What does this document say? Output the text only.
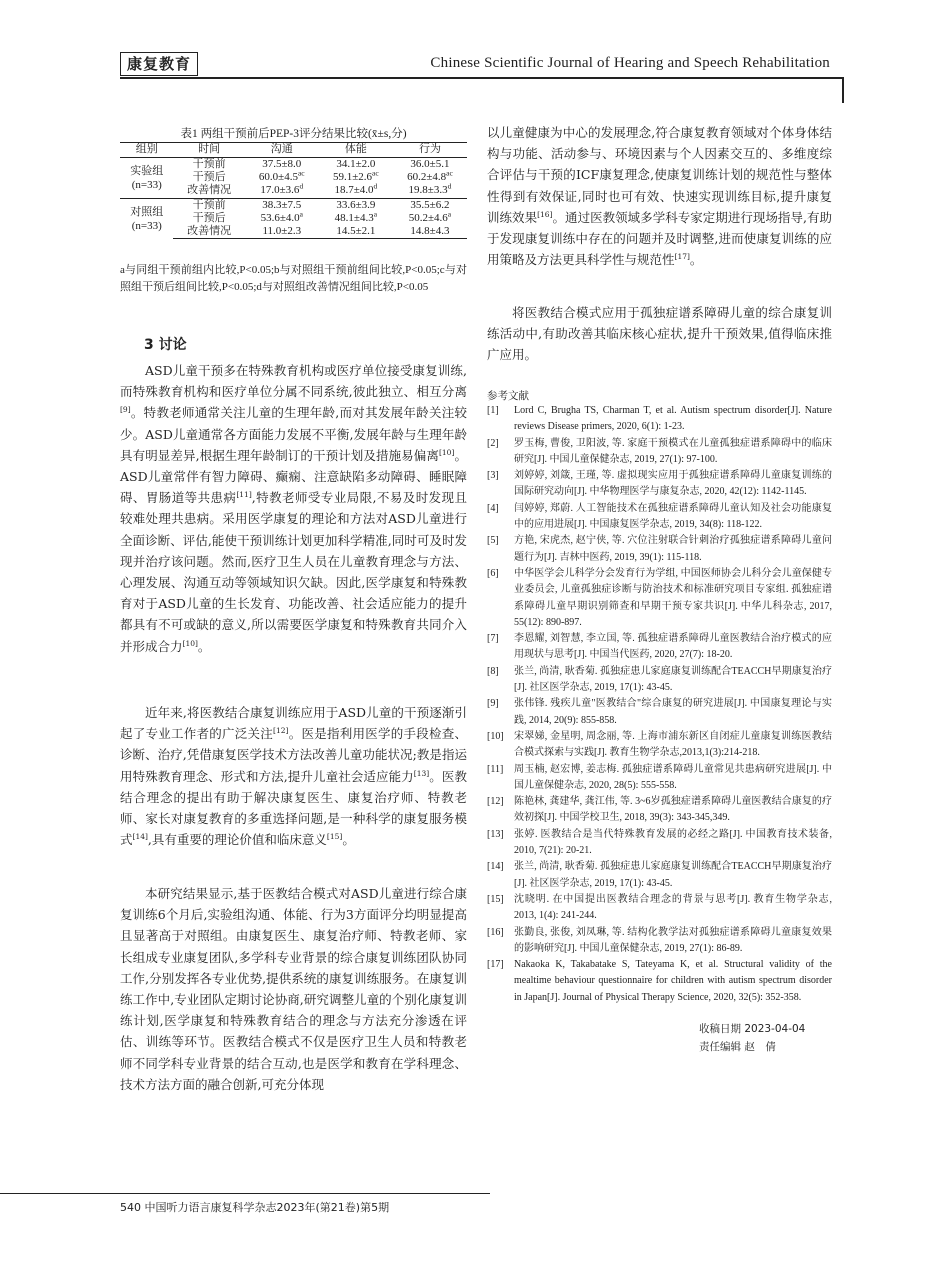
康复教育	Chinese Scientific Journal of Hearing and Speech Rehabilitation
表1 两组干预前后PEP-3评分结果比较(x̄±s,分)
组别	时间	沟通	体能	行为

实验组
(n=33)	干预前	37.5±8.0	34.1±2.0	36.0±5.1
	干预后	60.0±4.5$^{ac}$	59.1±2.6$^{ac}$	60.2±4.8$^{ac}$
	改善情况	17.0±3.6$^d$	18.7±4.0$^d$	19.8±3.3$^d$

对照组
(n=33)	干预前	38.3±7.5	33.6±3.9	35.5±6.2
	干预后	53.6±4.0$^a$	48.1±4.3$^a$	50.2±4.6$^a$
	改善情况	11.0±2.3	14.5±2.1	14.8±4.3
a与同组干预前组内比较,P<0.05;b与对照组干预前组间比较,P<0.05;c与对照组干预后组间比较,P<0.05;d与对照组改善情况组间比较,P<0.05
3 讨论

ASD儿童干预多在特殊教育机构或医疗单位接受康复训练,而特殊教育机构和医疗单位分属不同系统,彼此独立、相互分离[9]。特教老师通常关注儿童的生理年龄,而对其发展年龄关注较少。ASD儿童通常各方面能力发展不平衡,发展年龄与生理年龄具有明显差异,根据生理年龄制订的干预计划及措施易偏离[10]。ASD儿童常伴有智力障碍、癫痫、注意缺陷多动障碍、睡眠障碍、胃肠道等共患病[11],特教老师受专业局限,不易及时发现且较难处理共患病。采用医学康复的理论和方法对ASD儿童进行全面诊断、评估,能使干预训练计划更加科学精准,同时可及时发现并治疗该问题。然而,医疗卫生人员在儿童教育理念与方法、心理发展、沟通互动等领域知识欠缺。因此,医学康复和特殊教育对于ASD儿童的生长发育、功能改善、社会适应能力的提升都具有不可或缺的意义,所以需要医学康复和特殊教育共同介入并形成合力[10]。

近年来,将医教结合康复训练应用于ASD儿童的干预逐渐引起了专业工作者的广泛关注[12]。医是指利用医学的手段检查、诊断、治疗,凭借康复医学技术方法改善儿童功能状况;教是指运用特殊教育理念、形式和方法,提升儿童社会适应能力[13]。医教结合理念的提出有助于解决康复医生、康复治疗师、特教老师、家长对康复教育的多重选择问题,是一种科学的康复服务模式[14],具有重要的理论价值和临床意义[15]。

本研究结果显示,基于医教结合模式对ASD儿童进行综合康复训练6个月后,实验组沟通、体能、行为3方面评分均明显提高且显著高于对照组。由康复医生、康复治疗师、特教老师、家长组成专业康复团队,多学科专业背景的综合康复训练团队协同工作,分别发挥各专业优势,提供系统的康复训练服务。在康复训练工作中,专业团队定期讨论协商,研究调整儿童的个别化康复训练计划,医学康复和特殊教育结合的理念与方法充分渗透在评估、训练等环节。医教结合模式不仅是医疗卫生人员和特教老师不同学科专业背景的结合互动,也是医学和教育在学科理念、技术方法方面的融合创新,可充分体现

以儿童健康为中心的发展理念,符合康复教育领域对个体身体结构与功能、活动参与、环境因素与个人因素交互的、多维度综合评估与干预的ICF康复理念,使康复训练计划的规范性与整体性得到有效保证,同时也可有效、快速实现训练目标,提升康复训练效果[16]。通过医教领域多学科专家定期进行现场指导,有助于发现康复训练中存在的问题并及时调整,进而使康复训练的应用策略及方法更具科学性与规范性[17]。

将医教结合模式应用于孤独症谱系障碍儿童的综合康复训练活动中,有助改善其临床核心症状,提升干预效果,值得临床推广应用。

参考文献
[1] Lord C, Brugha TS, Charman T, et al. Autism spectrum disorder[J]. Nature reviews Disease primers, 2020, 6(1): 1-23.
[2] 罗玉梅, 曹俊, 卫阳波, 等. 家庭干预模式在儿童孤独症谱系障碍中的临床研究[J]. 中国儿童保健杂志, 2019, 27(1): 97-100.
[3] 刘婷婷, 刘箴, 王瑾, 等. 虚拟现实应用于孤独症谱系障碍儿童康复训练的国际研究动向[J]. 中华物理医学与康复杂志, 2020, 42(12): 1142-1145.
[4] 闫婷婷, 郑蔚. 人工智能技术在孤独症谱系障碍儿童认知及社会功能康复中的应用进展[J]. 中国康复医学杂志, 2019, 34(8): 118-122.
[5] 方艳, 宋虎杰, 赵宁侠, 等. 穴位注射联合针刺治疗孤独症谱系障碍儿童问题行为[J]. 吉林中医药, 2019, 39(1): 115-118.
[6] 中华医学会儿科学分会发育行为学组, 中国医师协会儿科分会儿童保健专业委员会, 儿童孤独症诊断与防治技术和标准研究项目专家组. 孤独症谱系障碍儿童早期识别筛查和早期干预专家共识[J]. 中华儿科杂志, 2017, 55(12): 890-897.
[7] 李恩耀, 刘智慧, 李立国, 等. 孤独症谱系障碍儿童医教结合治疗模式的应用现状与思考[J]. 中国当代医药, 2020, 27(7): 18-20.
[8] 张兰, 尚清, 耿香菊. 孤独症患儿家庭康复训练配合TEACCH早期康复治疗[J]. 社区医学杂志, 2019, 17(1): 43-45.
[9] 张伟锋. 残疾儿童"医教结合"综合康复的研究进展[J]. 中国康复理论与实践, 2014, 20(9): 855-858.
[10] 宋翠娣, 金星明, 周念丽, 等. 上海市浦东新区自闭症儿童康复训练医教结合模式探索与实践[J]. 教育生物学杂志,2013,1(3):214-218.
[11] 周玉楠, 赵宏博, 姜志梅. 孤独症谱系障碍儿童常见共患病研究进展[J]. 中国儿童保健杂志, 2020, 28(5): 555-558.
[12] 陈艳林, 龚建华, 龚江伟, 等. 3~6岁孤独症谱系障碍儿童医教结合康复的疗效初探[J]. 中国学校卫生, 2018, 39(3): 343-345,349.
[13] 张婷. 医教结合是当代特殊教育发展的必经之路[J]. 中国教育技术装备, 2010, 7(21): 20-21.
[14] 张兰, 尚清, 耿香菊. 孤独症患儿家庭康复训练配合TEACCH早期康复治疗[J]. 社区医学杂志, 2019, 17(1): 43-45.
[15] 沈晓明. 在中国提出医教结合理念的背景与思考[J]. 教育生物学杂志, 2013, 1(4): 241-244.
[16] 张勤良, 张俊, 刘凤琳, 等. 结构化教学法对孤独症谱系障碍儿童康复效果的影响研究[J]. 中国儿童保健杂志, 2019, 27(1): 86-89.
[17] Nakaoka K, Takabatake S, Tateyama K, et al. Structural validity of the mealtime behaviour questionnaire for children with autism spectrum disorder in Japan[J]. Journal of Physical Therapy Science, 2020, 32(5): 352-358.
收稿日期 2023-04-04
责任编辑 赵　倩
540 中国听力语言康复科学杂志2023年(第21卷)第5期
